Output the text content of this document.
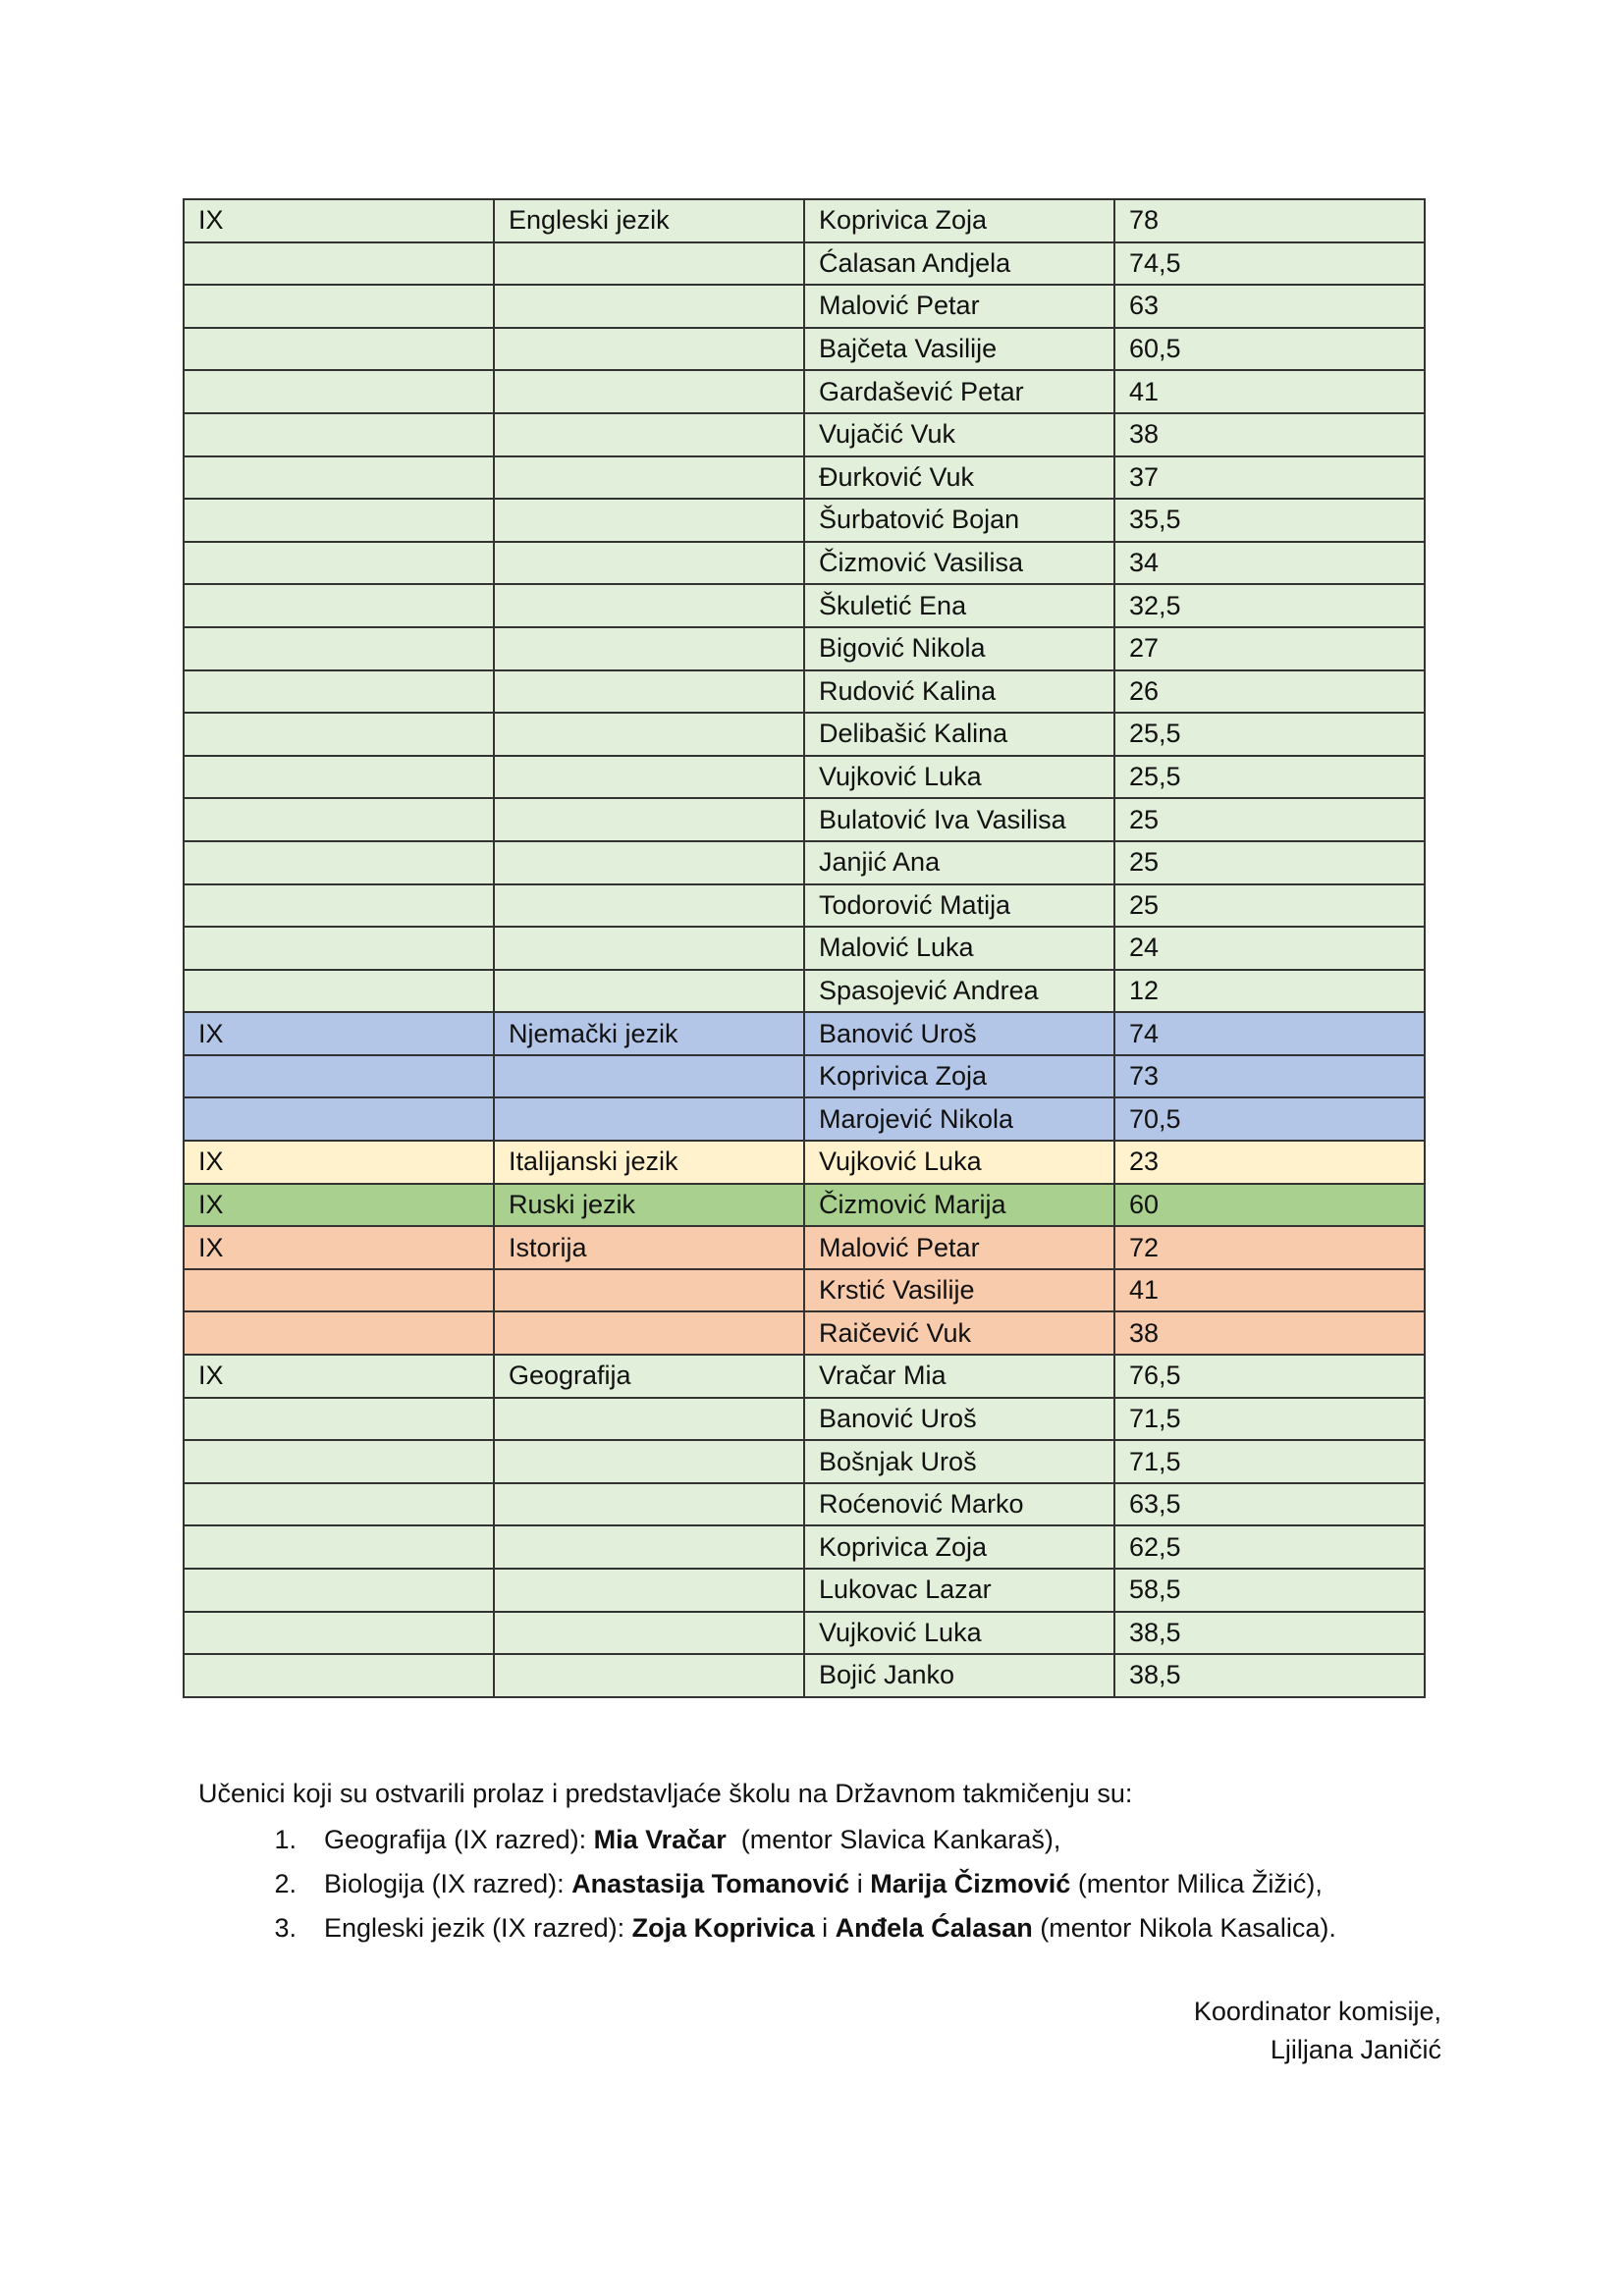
IX	Engleski jezik	Koprivica Zoja	78
		Ćalasan Andjela	74,5
		Malović Petar	63
		Bajčeta Vasilije	60,5
		Gardašević Petar	41
		Vujačić Vuk	38
		Đurković Vuk	37
		Šurbatović Bojan	35,5
		Čizmović Vasilisa	34
		Škuletić Ena	32,5
		Bigović Nikola	27
		Rudović Kalina	26
		Delibašić Kalina	25,5
		Vujković Luka	25,5
		Bulatović Iva Vasilisa	25
		Janjić Ana	25
		Todorović Matija	25
		Malović Luka	24
		Spasojević Andrea	12
IX	Njemački jezik	Banović Uroš	74
		Koprivica Zoja	73
		Marojević Nikola	70,5
IX	Italijanski jezik	Vujković Luka	23
IX	Ruski jezik	Čizmović Marija	60
IX	Istorija	Malović Petar	72
		Krstić Vasilije	41
		Raičević Vuk	38
IX	Geografija	Vračar Mia	76,5
		Banović Uroš	71,5
		Bošnjak Uroš	71,5
		Roćenović Marko	63,5
		Koprivica Zoja	62,5
		Lukovac Lazar	58,5
		Vujković Luka	38,5
		Bojić Janko	38,5

Učenici koji su ostvarili prolaz i predstavljaće školu na Državnom takmičenju su:

1.	Geografija (IX razred): Mia Vračar (mentor Slavica Kankaraš),
2.	Biologija (IX razred): Anastasija Tomanović i Marija Čizmović (mentor Milica Žižić),
3.	Engleski jezik (IX razred): Zoja Koprivica i Anđela Ćalasan (mentor Nikola Kasalica).
Koordinator komisije,
Ljiljana Janičić
